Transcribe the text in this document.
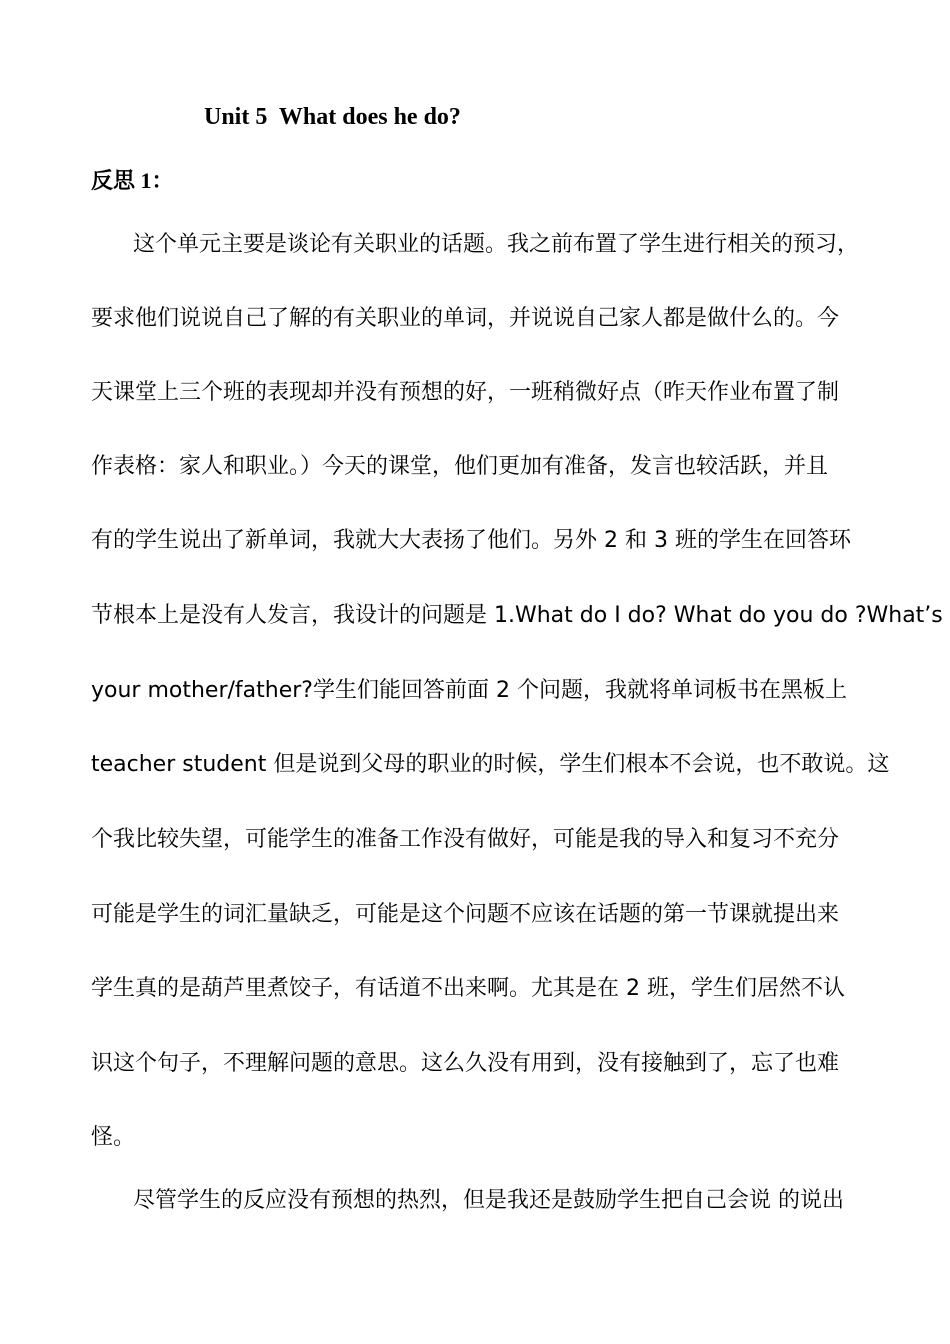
Unit 5  What does he do?
反思 1：
这个单元主要是谈论有关职业的话题。我之前布置了学生进行相关的预习，
要求他们说说自己了解的有关职业的单词，并说说自己家人都是做什么的。今
天课堂上三个班的表现却并没有预想的好，一班稍微好点（昨天作业布置了制
作表格：家人和职业。）今天的课堂，他们更加有准备，发言也较活跃，并且
有的学生说出了新单词，我就大大表扬了他们。另外 2 和 3 班的学生在回答环
节根本上是没有人发言，我设计的问题是 1.What do I do? What do you do ?What’s
your mother/father?学生们能回答前面 2 个问题，我就将单词板书在黑板上
teacher student 但是说到父母的职业的时候，学生们根本不会说，也不敢说。这
个我比较失望，可能学生的准备工作没有做好，可能是我的导入和复习不充分
可能是学生的词汇量缺乏，可能是这个问题不应该在话题的第一节课就提出来
学生真的是葫芦里煮饺子，有话道不出来啊。尤其是在 2 班，学生们居然不认
识这个句子，不理解问题的意思。这么久没有用到，没有接触到了，忘了也难
怪。
尽管学生的反应没有预想的热烈，但是我还是鼓励学生把自己会说 的说出
